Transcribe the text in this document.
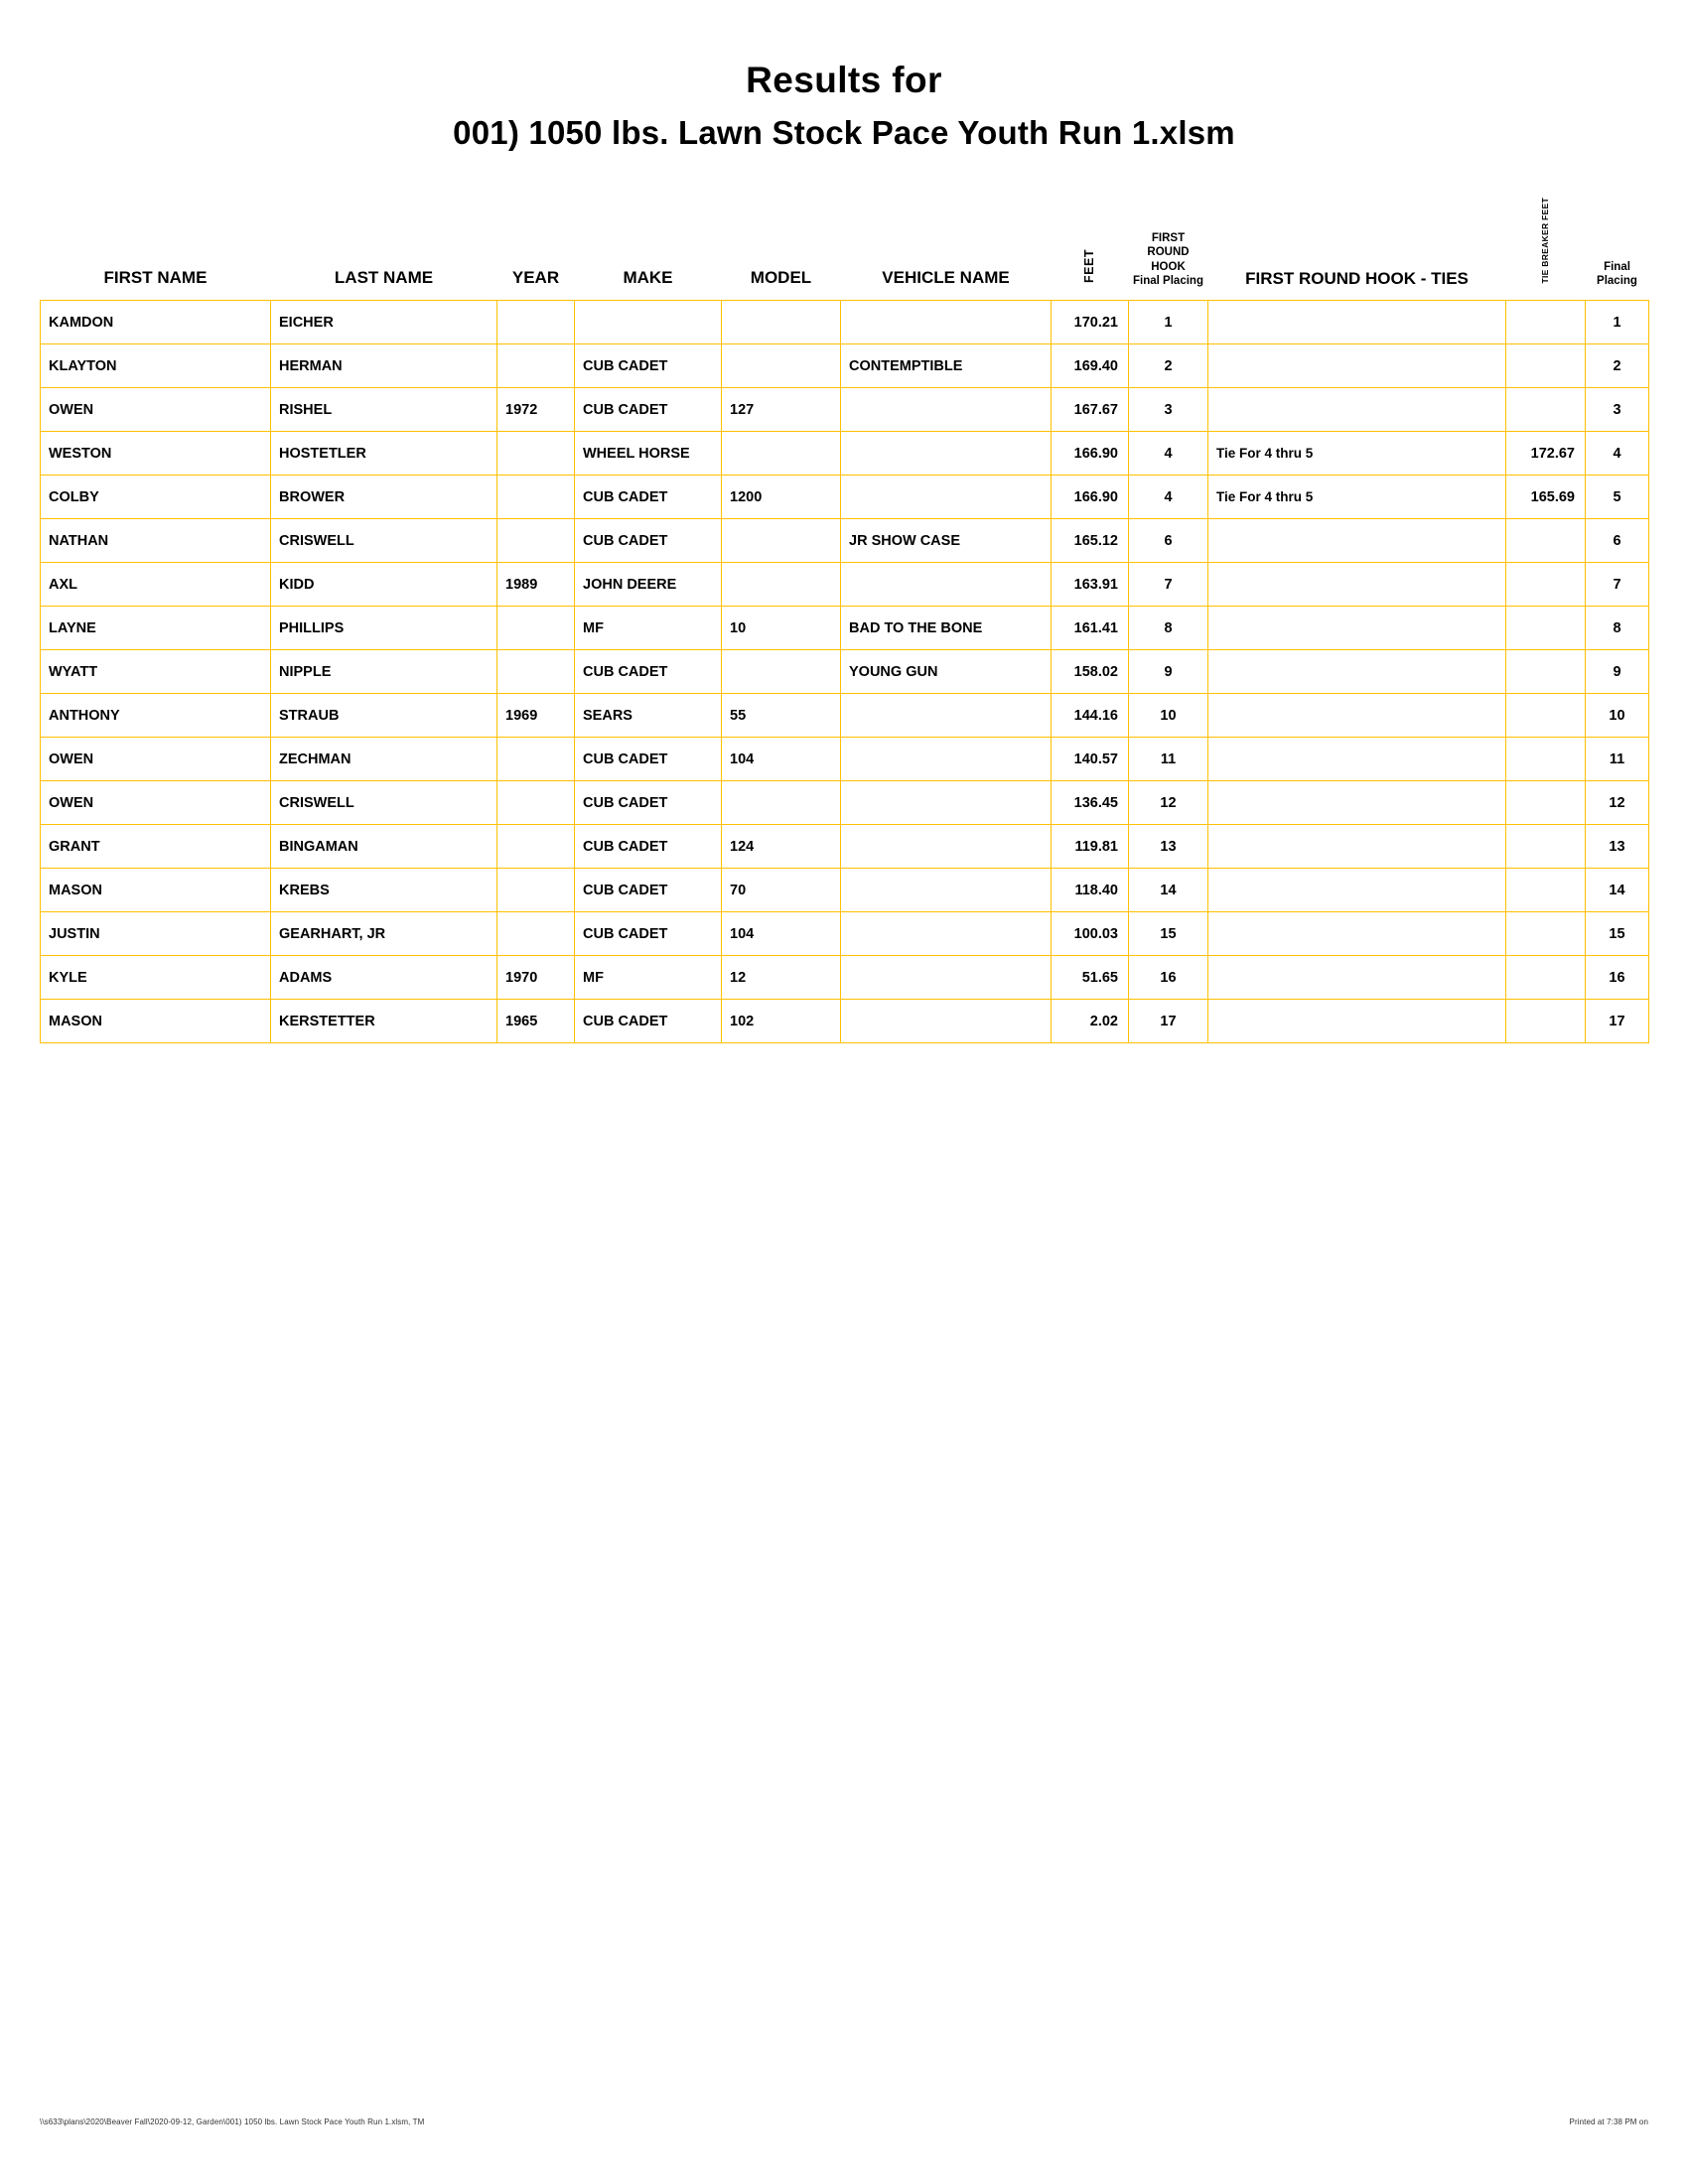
Results for
001) 1050 lbs. Lawn Stock Pace Youth Run 1.xlsm
FIRST NAME	LAST NAME	YEAR	MAKE	MODEL	VEHICLE NAME	FEET	FIRST ROUND HOOK
Final Placing	FIRST ROUND HOOK - TIES	TIE BREAKER FEET	Final Placing

KAMDON	EICHER					170.21	1			1
KLAYTON	HERMAN		CUB CADET		CONTEMPTIBLE	169.40	2			2
OWEN	RISHEL	1972	CUB CADET	127		167.67	3			3
WESTON	HOSTETLER		WHEEL HORSE			166.90	4	Tie For 4 thru 5	172.67	4
COLBY	BROWER		CUB CADET	1200		166.90	4	Tie For 4 thru 5	165.69	5
NATHAN	CRISWELL		CUB CADET		JR SHOW CASE	165.12	6			6
AXL	KIDD	1989	JOHN DEERE			163.91	7			7
LAYNE	PHILLIPS		MF	10	BAD TO THE BONE	161.41	8			8
WYATT	NIPPLE		CUB CADET		YOUNG GUN	158.02	9			9
ANTHONY	STRAUB	1969	SEARS	55		144.16	10			10
OWEN	ZECHMAN		CUB CADET	104		140.57	11			11
OWEN	CRISWELL		CUB CADET			136.45	12			12
GRANT	BINGAMAN		CUB CADET	124		119.81	13			13
MASON	KREBS		CUB CADET	70		118.40	14			14
JUSTIN	GEARHART, JR		CUB CADET	104		100.03	15			15
KYLE	ADAMS	1970	MF	12		51.65	16			16
MASON	KERSTETTER	1965	CUB CADET	102		2.02	17			17
\\s633\plans\2020\Beaver Fall\2020-09-12, Garden\001) 1050 lbs. Lawn Stock Pace Youth Run 1.xlsm, TM	Printed at 7:38 PM on
